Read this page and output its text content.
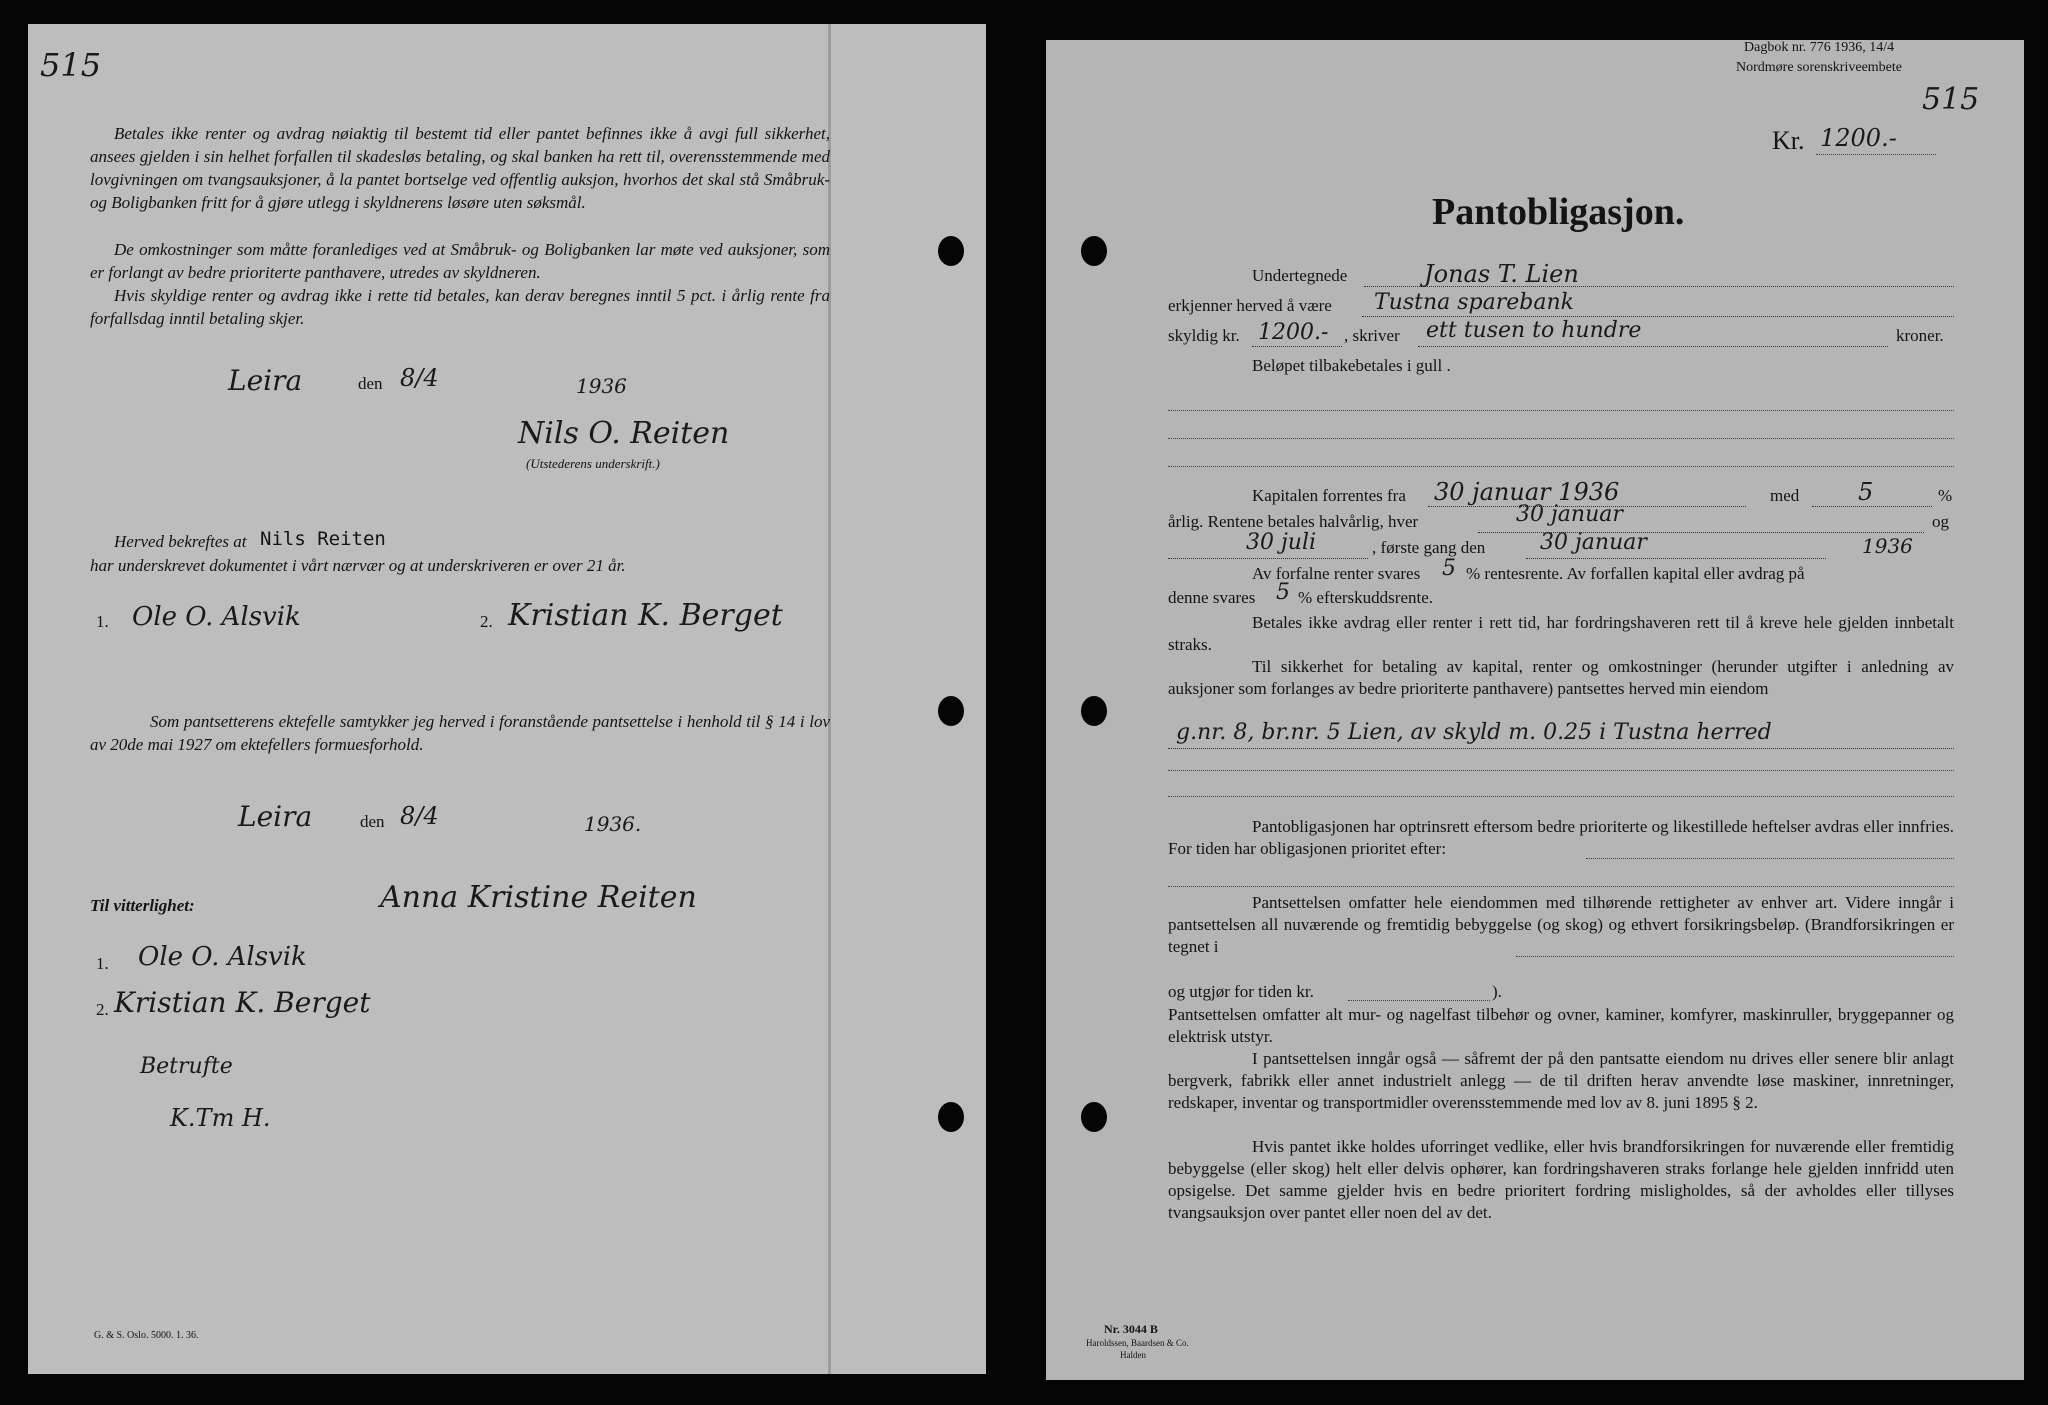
515
Betales ikke renter og avdrag nøiaktig til bestemt tid eller pantet befinnes ikke å avgi full sikkerhet, ansees gjelden i sin helhet forfallen til skadesløs betaling, og skal banken ha rett til, overensstemmende med lovgivningen om tvangsauksjoner, å la pantet bortselge ved offentlig auksjon, hvorhos det skal stå Småbruk- og Boligbanken fritt for å gjøre utlegg i skyldnerens løsøre uten søksmål.
De omkostninger som måtte foranlediges ved at Småbruk- og Boligbanken lar møte ved auksjoner, som er forlangt av bedre prioriterte panthavere, utredes av skyldneren.
Hvis skyldige renter og avdrag ikke i rette tid betales, kan derav beregnes inntil 5 pct. i årlig rente fra forfallsdag inntil betaling skjer.
Leira	den 8/4	1936
Nils O. Reiten
(Utstederens underskrift.)
Herved bekreftes at Nils Reiten
har underskrevet dokumentet i vårt nærvær og at underskriveren er over 21 år.
1. Ole O. Alsvik	2. Kristian K. Berget
Som pantsetterens ektefelle samtykker jeg herved i foranstående pantsettelse i henhold til § 14 i lov av 20de mai 1927 om ektefellers formuesforhold.
Leira	den 8/4	1936.
Anna Kristine Reiten
Til vitterlighet:
1. Ole O. Alsvik
2. Kristian K. Berget
Betrufte
K.Tm H.
G. & S. Oslo. 5000. 1. 36.
Dagbok nr. 776 1936, 14/4
Nordmøre sorenskriveembete
515
Kr. 1200.-
Pantobligasjon.
Undertegnede	Jonas T. Lien
erkjenner herved å være Tustna sparebank
skyldig kr. 1200.- , skriver ett tusen to hundre	kroner.
Beløpet tilbakebetales i gull .
Kapitalen forrentes fra 30 januar 1936	med 5	%
årlig. Rentene betales halvårlig, hver	30 januar	og
30 juli	, første gang den 30 januar	1936
Av forfalne renter svares 5 % rentesrente. Av forfallen kapital eller avdrag på
denne svares 5 % efterskuddsrente.
Betales ikke avdrag eller renter i rett tid, har fordringshaveren rett til å kreve hele gjelden innbetalt straks.
Til sikkerhet for betaling av kapital, renter og omkostninger (herunder utgifter i anledning av auksjoner som forlanges av bedre prioriterte panthavere) pantsettes herved min eiendom
g.nr. 8, br.nr. 5 Lien, av skyld m. 0.25 i Tustna herred
Pantobligasjonen har optrinsrett eftersom bedre prioriterte og likestillede heftelser avdras eller innfries. For tiden har obligasjonen prioritet efter:
Pantsettelsen omfatter hele eiendommen med tilhørende rettigheter av enhver art. Videre inngår i pantsettelsen all nuværende og fremtidig bebyggelse (og skog) og ethvert forsikringsbeløp. (Brandforsikringen er tegnet i
og utgjør for tiden kr.	).
Pantsettelsen omfatter alt mur- og nagelfast tilbehør og ovner, kaminer, komfyrer, maskinruller, bryggepanner og elektrisk utstyr.
I pantsettelsen inngår også — såfremt der på den pantsatte eiendom nu drives eller senere blir anlagt bergverk, fabrikk eller annet industrielt anlegg — de til driften herav anvendte løse maskiner, innretninger, redskaper, inventar og transportmidler overensstemmende med lov av 8. juni 1895 § 2.
Hvis pantet ikke holdes uforringet vedlike, eller hvis brandforsikringen for nuværende eller fremtidig bebyggelse (eller skog) helt eller delvis ophører, kan fordringshaveren straks forlange hele gjelden innfridd uten opsigelse. Det samme gjelder hvis en bedre prioritert fordring misligholdes, så der avholdes eller tillyses tvangsauksjon over pantet eller noen del av det.
Nr. 3044 B
Haroldssen, Baardsen & Co.
Halden
